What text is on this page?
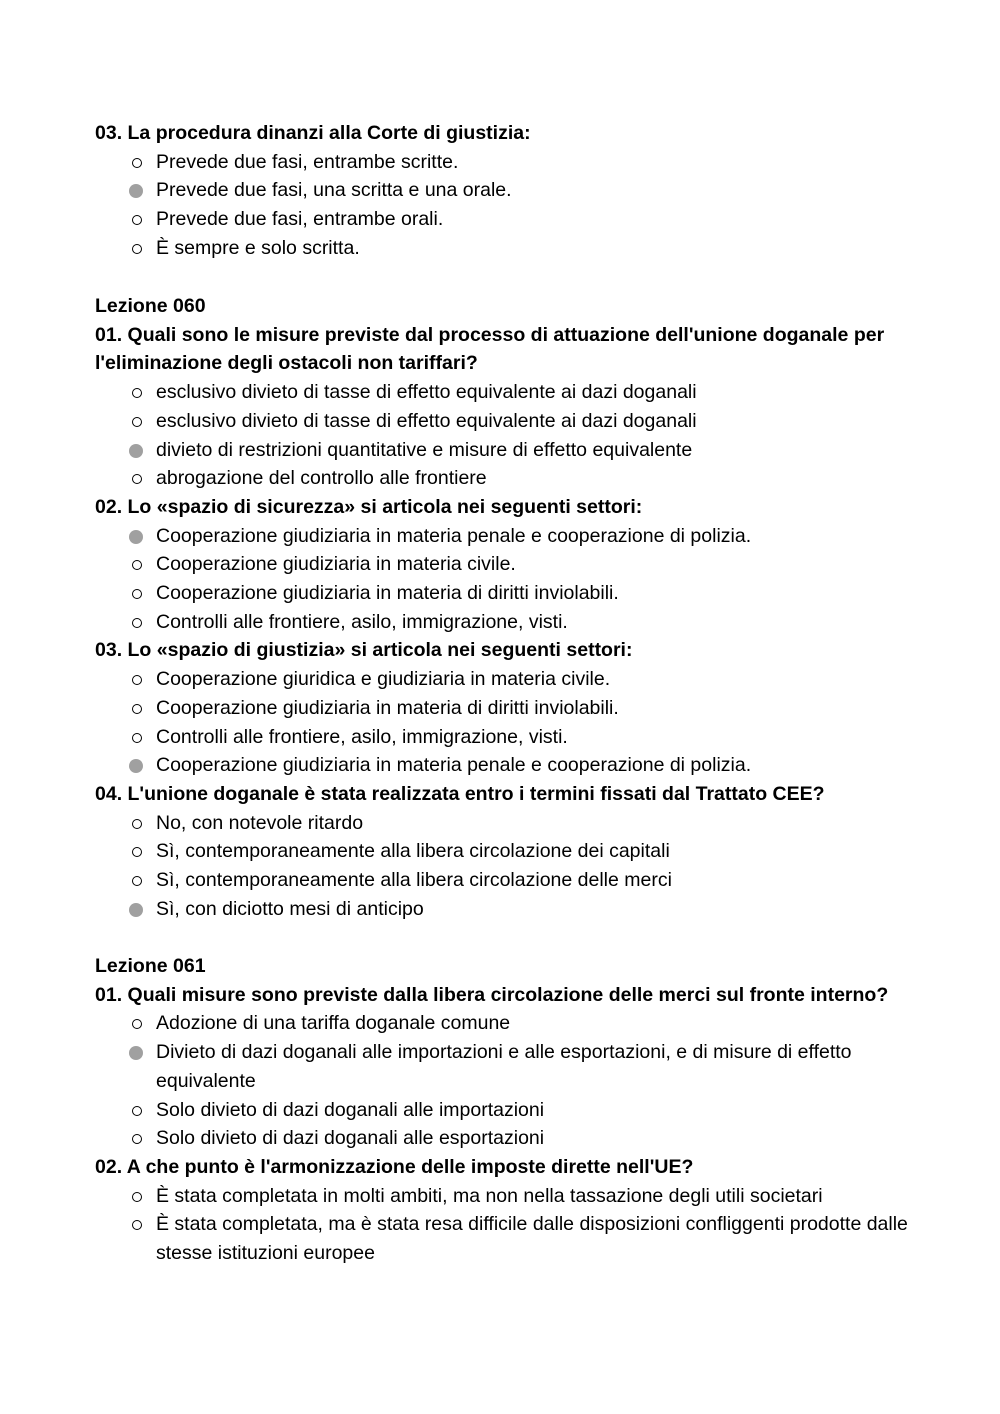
03. La procedura dinanzi alla Corte di giustizia:
Prevede due fasi, entrambe scritte.
Prevede due fasi, una scritta e una orale.
Prevede due fasi, entrambe orali.
È sempre e solo scritta.
Lezione 060
01. Quali sono le misure previste dal processo di attuazione dell'unione doganale per l'eliminazione degli ostacoli non tariffari?
esclusivo divieto di tasse di effetto equivalente ai dazi doganali
esclusivo divieto di tasse di effetto equivalente ai dazi doganali
divieto di restrizioni quantitative e misure di effetto equivalente
abrogazione del controllo alle frontiere
02. Lo «spazio di sicurezza» si articola nei seguenti settori:
Cooperazione giudiziaria in materia penale e cooperazione di polizia.
Cooperazione giudiziaria in materia civile.
Cooperazione giudiziaria in materia di diritti inviolabili.
Controlli alle frontiere, asilo, immigrazione, visti.
03. Lo «spazio di giustizia» si articola nei seguenti settori:
Cooperazione giuridica e giudiziaria in materia civile.
Cooperazione giudiziaria in materia di diritti inviolabili.
Controlli alle frontiere, asilo, immigrazione, visti.
Cooperazione giudiziaria in materia penale e cooperazione di polizia.
04. L'unione doganale è stata realizzata entro i termini fissati dal Trattato CEE?
No, con notevole ritardo
Sì, contemporaneamente alla libera circolazione dei capitali
Sì, contemporaneamente alla libera circolazione delle merci
Sì, con diciotto mesi di anticipo
Lezione 061
01. Quali misure sono previste dalla libera circolazione delle merci sul fronte interno?
Adozione di una tariffa doganale comune
Divieto di dazi doganali alle importazioni e alle esportazioni, e di misure di effetto equivalente
Solo divieto di dazi doganali alle importazioni
Solo divieto di dazi doganali alle esportazioni
02. A che punto è l'armonizzazione delle imposte dirette nell'UE?
È stata completata in molti ambiti, ma non nella tassazione degli utili societari
È stata completata, ma è stata resa difficile dalle disposizioni confliggenti prodotte dalle stesse istituzioni europee
